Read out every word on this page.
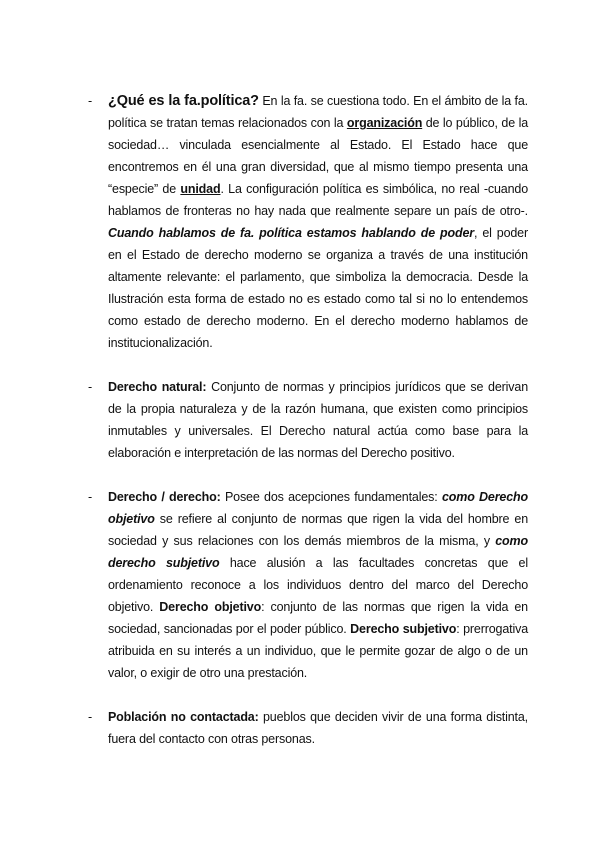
- ¿Qué es la fa.política? En la fa. se cuestiona todo. En el ámbito de la fa. política se tratan temas relacionados con la organización de lo público, de la sociedad… vinculada esencialmente al Estado. El Estado hace que encontremos en él una gran diversidad, que al mismo tiempo presenta una “especie” de unidad. La configuración política es simbólica, no real -cuando hablamos de fronteras no hay nada que realmente separe un país de otro-. Cuando hablamos de fa. política estamos hablando de poder, el poder en el Estado de derecho moderno se organiza a través de una institución altamente relevante: el parlamento, que simboliza la democracia. Desde la Ilustración esta forma de estado no es estado como tal si no lo entendemos como estado de derecho moderno. En el derecho moderno hablamos de institucionalización.

- Derecho natural: Conjunto de normas y principios jurídicos que se derivan de la propia naturaleza y de la razón humana, que existen como principios inmutables y universales. El Derecho natural actúa como base para la elaboración e interpretación de las normas del Derecho positivo.

- Derecho / derecho: Posee dos acepciones fundamentales: como Derecho objetivo se refiere al conjunto de normas que rigen la vida del hombre en sociedad y sus relaciones con los demás miembros de la misma, y como derecho subjetivo hace alusión a las facultades concretas que el ordenamiento reconoce a los individuos dentro del marco del Derecho objetivo. Derecho objetivo: conjunto de las normas que rigen la vida en sociedad, sancionadas por el poder público. Derecho subjetivo: prerrogativa atribuida en su interés a un individuo, que le permite gozar de algo o de un valor, o exigir de otro una prestación.

- Población no contactada: pueblos que deciden vivir de una forma distinta, fuera del contacto con otras personas.
